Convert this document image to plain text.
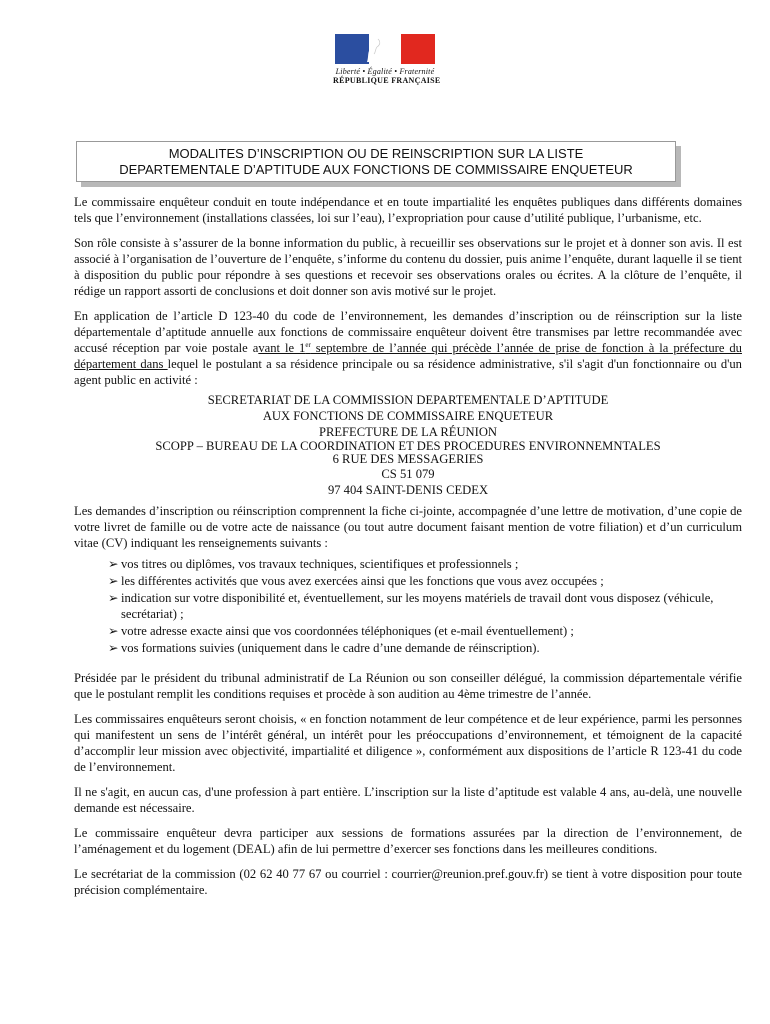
Liberté • Égalité • Fraternité
RÉPUBLIQUE FRANÇAISE
MODALITES D’INSCRIPTION OU DE REINSCRIPTION SUR LA LISTE
DEPARTEMENTALE D’APTITUDE AUX FONCTIONS DE COMMISSAIRE ENQUETEUR

Le commissaire enquêteur conduit en toute indépendance et en toute impartialité les enquêtes publiques dans différents domaines tels que l’environnement (installations classées, loi sur l’eau), l’expropriation pour cause d’utilité publique, l’urbanisme, etc.

Son rôle consiste à s’assurer de la bonne information du public, à recueillir ses observations sur le projet et à donner son avis. Il est associé à l’organisation de l’ouverture de l’enquête, s’informe du contenu du dossier, puis anime l’enquête, durant laquelle il se tient à disposition du public pour répondre à ses questions et recevoir ses observations orales ou écrites. A la clôture de l’enquête, il rédige un rapport assorti de conclusions et doit donner son avis motivé sur le projet.

En application de l’article D 123-40 du code de l’environnement, les demandes d’inscription ou de réinscription sur la liste départementale d’aptitude annuelle aux fonctions de commissaire enquêteur doivent être transmises par lettre recommandée avec accusé réception par voie postale avant le 1er septembre de l’année qui précède l’année de prise de fonction à la préfecture du département dans lequel le postulant a sa résidence principale ou sa résidence administrative, s'il s'agit d'un fonctionnaire ou d'un agent public en activité :

SECRETARIAT DE LA COMMISSION DEPARTEMENTALE D’APTITUDE

AUX FONCTIONS DE COMMISSAIRE ENQUETEUR

PREFECTURE DE LA RÉUNION

SCOPP – BUREAU DE LA COORDINATION ET DES PROCEDURES ENVIRONNEMNTALES

6 RUE DES MESSAGERIES

CS 51 079

97 404 SAINT-DENIS CEDEX

Les demandes d’inscription ou réinscription comprennent la fiche ci-jointe, accompagnée d’une lettre de motivation, d’une copie de votre livret de famille ou de votre acte de naissance (ou tout autre document faisant mention de votre filiation) et d’un curriculum vitae (CV) indiquant les renseignements suivants :

➢ vos titres ou diplômes, vos travaux techniques, scientifiques et professionnels ;
➢ les différentes activités que vous avez exercées ainsi que les fonctions que vous avez occupées ;
➢ indication sur votre disponibilité et, éventuellement, sur les moyens matériels de travail dont vous disposez (véhicule, secrétariat) ;
➢ votre adresse exacte ainsi que vos coordonnées téléphoniques (et e-mail éventuellement) ;
➢ vos formations suivies (uniquement dans le cadre d’une demande de réinscription).

Présidée par le président du tribunal administratif de La Réunion ou son conseiller délégué, la commission départementale vérifie que le postulant remplit les conditions requises et procède à son audition au 4ème trimestre de l’année.

Les commissaires enquêteurs seront choisis, « en fonction notamment de leur compétence et de leur expérience, parmi les personnes qui manifestent un sens de l’intérêt général, un intérêt pour les préoccupations d’environnement, et témoignent de la capacité d’accomplir leur mission avec objectivité, impartialité et diligence », conformément aux dispositions de l’article R 123-41 du code de l’environnement.

Il ne s'agit, en aucun cas, d'une profession à part entière. L’inscription sur la liste d’aptitude est valable 4 ans, au-delà, une nouvelle demande est nécessaire.

Le commissaire enquêteur devra participer aux sessions de formations assurées par la direction de l’environnement, de l’aménagement et du logement (DEAL) afin de lui permettre d’exercer ses fonctions dans les meilleures conditions.

Le secrétariat de la commission (02 62 40 77 67 ou courriel : courrier@reunion.pref.gouv.fr) se tient à votre disposition pour toute précision complémentaire.
